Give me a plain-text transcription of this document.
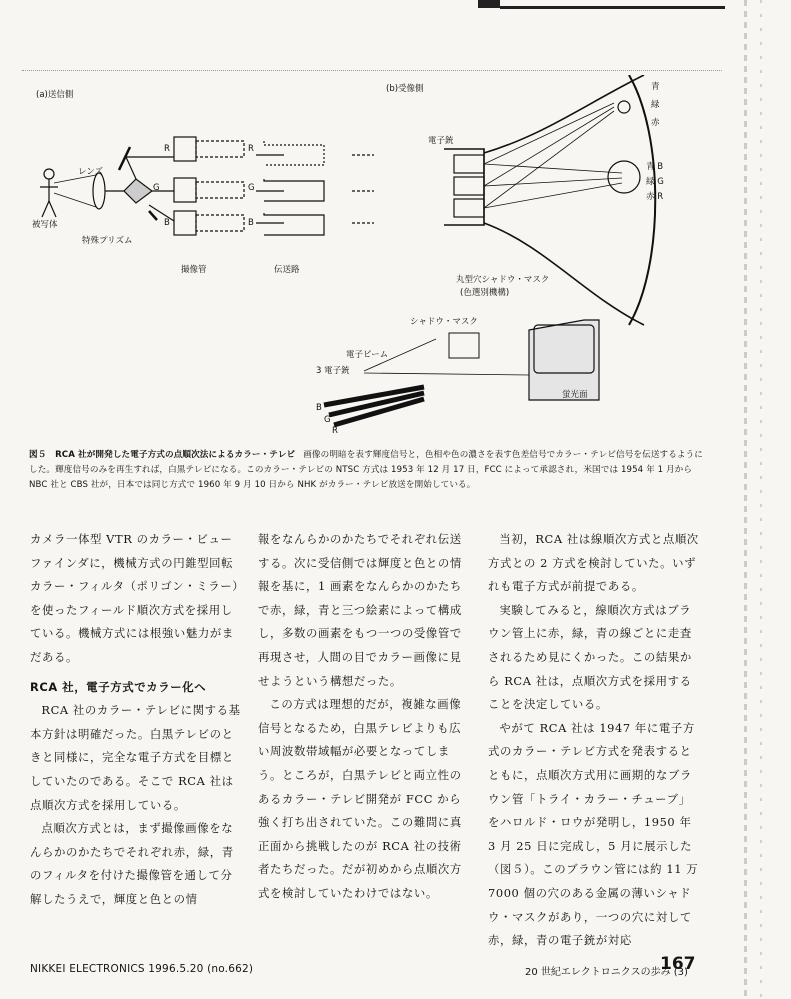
(a)送信側
(b)受像側
レンズ
被写体
特殊プリズム
撮像管	伝送路
R
G
B
R
G
B
電子銃
青
緑
赤
青 B
緑 G
赤 R
丸型穴シャドウ・マスク
(色選別機構)
シャドウ・マスク
電子ビーム
3 電子銃
蛍光面
B
G
R
図５　RCA 社が開発した電子方式の点順次法によるカラー・テレビ 画像の明暗を表す輝度信号と，色相や色の濃さを表す色差信号でカラー・テレビ信号を伝送するようにした。輝度信号のみを再生すれば，白黒テレビになる。このカラー・テレビの NTSC 方式は 1953 年 12 月 17 日，FCC によって承認され，米国では 1954 年 1 月から NBC 社と CBS 社が，日本では同じ方式で 1960 年 9 月 10 日から NHK がカラー・テレビ放送を開始している。

カメラ一体型 VTR のカラー・ビューファインダに，機械方式の円錐型回転カラー・フィルタ（ポリゴン・ミラー）を使ったフィールド順次方式を採用している。機械方式には根強い魅力がまだある。

RCA 社，電子方式でカラー化へ

RCA 社のカラー・テレビに関する基本方針は明確だった。白黒テレビのときと同様に，完全な電子方式を目標としていたのである。そこで RCA 社は点順次方式を採用している。

点順次方式とは，まず撮像画像をなんらかのかたちでそれぞれ赤，緑，青のフィルタを付けた撮像管を通して分解したうえで，輝度と色との情

報をなんらかのかたちでそれぞれ伝送する。次に受信側では輝度と色との情報を基に，1 画素をなんらかのかたちで赤，緑，青と三つ絵素によって構成し，多数の画素をもつ一つの受像管で再現させ，人間の目でカラー画像に見せようという構想だった。

この方式は理想的だが，複雑な画像信号となるため，白黒テレビよりも広い周波数帯域幅が必要となってしまう。ところが，白黒テレビと両立性のあるカラー・テレビ開発が FCC から強く打ち出されていた。この難問に真正面から挑戦したのが RCA 社の技術者たちだった。だが初めから点順次方式を検討していたわけではない。

当初，RCA 社は線順次方式と点順次方式との 2 方式を検討していた。いずれも電子方式が前提である。

実験してみると，線順次方式はブラウン管上に赤，緑，青の線ごとに走査されるため見にくかった。この結果から RCA 社は，点順次方式を採用することを決定している。

やがて RCA 社は 1947 年に電子方式のカラー・テレビ方式を発表するとともに，点順次方式用に画期的なブラウン管「トライ・カラー・チューブ」をハロルド・ロウが発明し，1950 年 3 月 25 日に完成し，5 月に展示した（図５）。このブラウン管には約 11 万 7000 個の穴のある金属の薄いシャドウ・マスクがあり，一つの穴に対して赤，緑，青の電子銃が対応

NIKKEI ELECTRONICS 1996.5.20 (no.662)	20 世紀エレクトロニクスの歩み (3)
167
